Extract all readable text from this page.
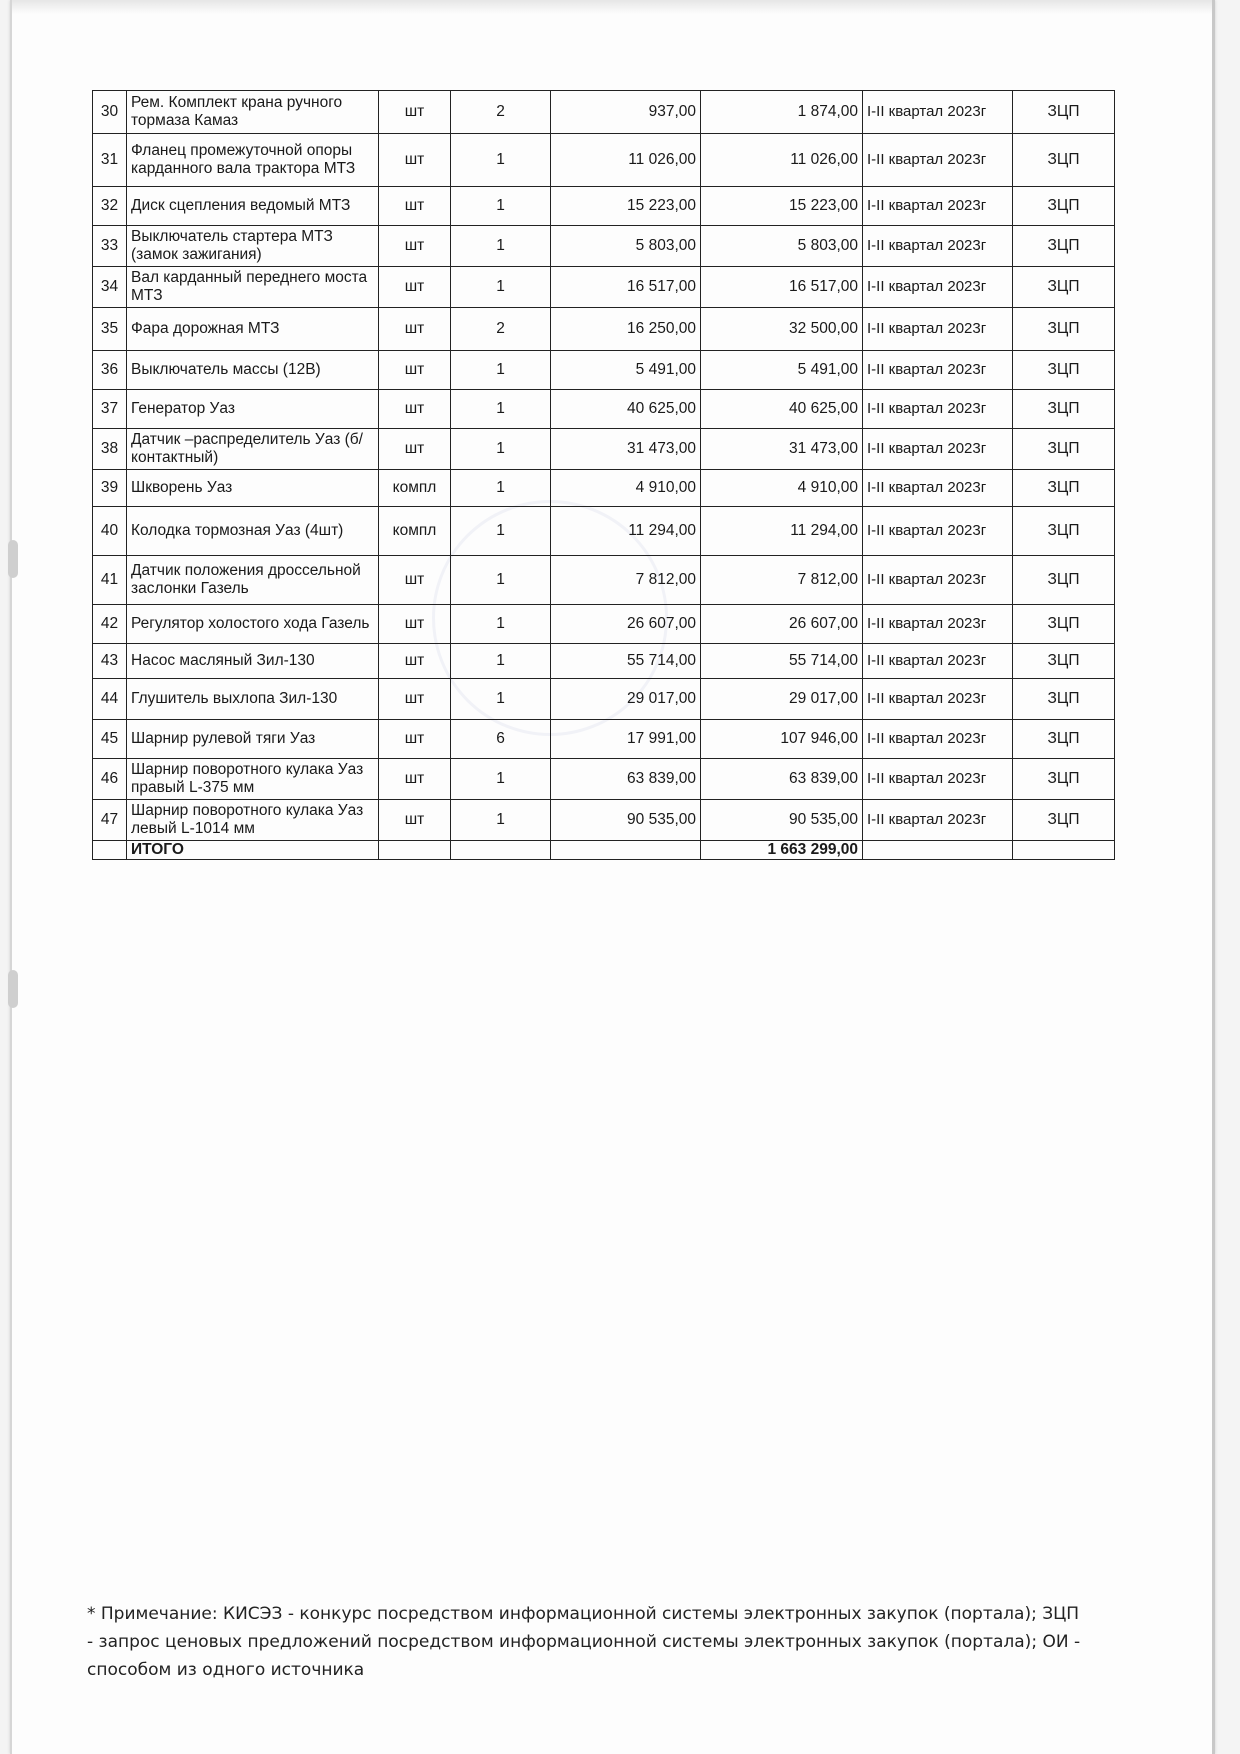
30	Рем. Комплект крана ручного тормаза Камаз	шт	2	937,00	1 874,00	I-II квартал 2023г	ЗЦП
31	Фланец промежуточной опоры карданного вала трактора МТЗ	шт	1	11 026,00	11 026,00	I-II квартал 2023г	ЗЦП
32	Диск сцепления ведомый МТЗ	шт	1	15 223,00	15 223,00	I-II квартал 2023г	ЗЦП
33	Выключатель стартера МТЗ (замок зажигания)	шт	1	5 803,00	5 803,00	I-II квартал 2023г	ЗЦП
34	Вал карданный переднего моста МТЗ	шт	1	16 517,00	16 517,00	I-II квартал 2023г	ЗЦП
35	Фара дорожная МТЗ	шт	2	16 250,00	32 500,00	I-II квартал 2023г	ЗЦП
36	Выключатель массы (12В)	шт	1	5 491,00	5 491,00	I-II квартал 2023г	ЗЦП
37	Генератор Уаз	шт	1	40 625,00	40 625,00	I-II квартал 2023г	ЗЦП
38	Датчик –распределитель Уаз (б/контактный)	шт	1	31 473,00	31 473,00	I-II квартал 2023г	ЗЦП
39	Шкворень Уаз	компл	1	4 910,00	4 910,00	I-II квартал 2023г	ЗЦП
40	Колодка тормозная Уаз (4шт)	компл	1	11 294,00	11 294,00	I-II квартал 2023г	ЗЦП
41	Датчик положения дроссельной заслонки Газель	шт	1	7 812,00	7 812,00	I-II квартал 2023г	ЗЦП
42	Регулятор холостого хода Газель	шт	1	26 607,00	26 607,00	I-II квартал 2023г	ЗЦП
43	Насос масляный Зил-130	шт	1	55 714,00	55 714,00	I-II квартал 2023г	ЗЦП
44	Глушитель выхлопа Зил-130	шт	1	29 017,00	29 017,00	I-II квартал 2023г	ЗЦП
45	Шарнир рулевой тяги Уаз	шт	6	17 991,00	107 946,00	I-II квартал 2023г	ЗЦП
46	Шарнир поворотного кулака Уаз правый L-375 мм	шт	1	63 839,00	63 839,00	I-II квартал 2023г	ЗЦП
47	Шарнир поворотного кулака Уаз левый L-1014 мм	шт	1	90 535,00	90 535,00	I-II квартал 2023г	ЗЦП
	ИТОГО				1 663 299,00		
* Примечание: КИСЭЗ - конкурс посредством информационной системы электронных закупок (портала); ЗЦП - запрос ценовых предложений посредством информационной системы электронных закупок (портала); ОИ - способом из одного источника
